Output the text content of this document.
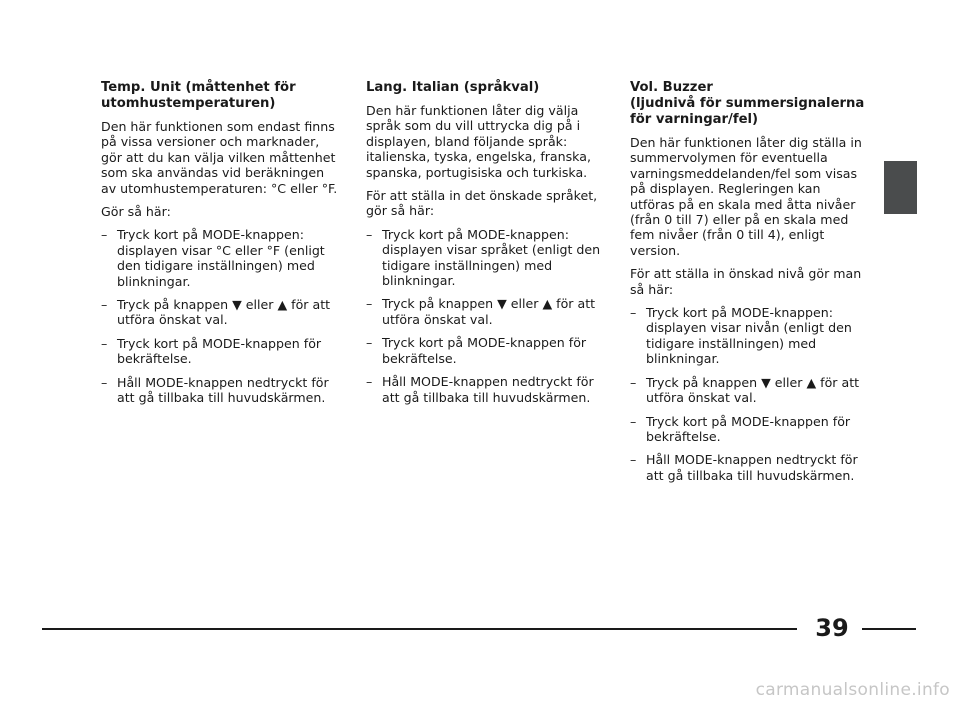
Temp. Unit (måttenhet för
utomhustemperaturen)

Den här funktionen som endast finns på vissa versioner och marknader, gör att du kan välja vilken måttenhet som ska användas vid beräkningen av utomhustemperaturen: °C eller °F.

Gör så här:

– Tryck kort på MODE-knappen: displayen visar °C eller °F (enligt den tidigare inställningen) med blinkningar.
– Tryck på knappen ▼ eller ▲ för att utföra önskat val.
– Tryck kort på MODE-knappen för bekräftelse.
– Håll MODE-knappen nedtryckt för att gå tillbaka till huvudskärmen.
Lang. Italian (språkval)

Den här funktionen låter dig välja språk som du vill uttrycka dig på i displayen, bland följande språk: italienska, tyska, engelska, franska, spanska, portugisiska och turkiska.

För att ställa in det önskade språket, gör så här:

– Tryck kort på MODE-knappen: displayen visar språket (enligt den tidigare inställningen) med blinkningar.
– Tryck på knappen ▼ eller ▲ för att utföra önskat val.
– Tryck kort på MODE-knappen för bekräftelse.
– Håll MODE-knappen nedtryckt för att gå tillbaka till huvudskärmen.
Vol. Buzzer
(ljudnivå för summersignalerna
för varningar/fel)

Den här funktionen låter dig ställa in summervolymen för eventuella varningsmeddelanden/fel som visas på displayen. Regleringen kan utföras på en skala med åtta nivåer (från 0 till 7) eller på en skala med fem nivåer (från 0 till 4), enligt version.

För att ställa in önskad nivå gör man så här:

– Tryck kort på MODE-knappen: displayen visar nivån (enligt den tidigare inställningen) med blinkningar.
– Tryck på knappen ▼ eller ▲ för att utföra önskat val.
– Tryck kort på MODE-knappen för bekräftelse.
– Håll MODE-knappen nedtryckt för att gå tillbaka till huvudskärmen.
39
carmanualsonline.info
